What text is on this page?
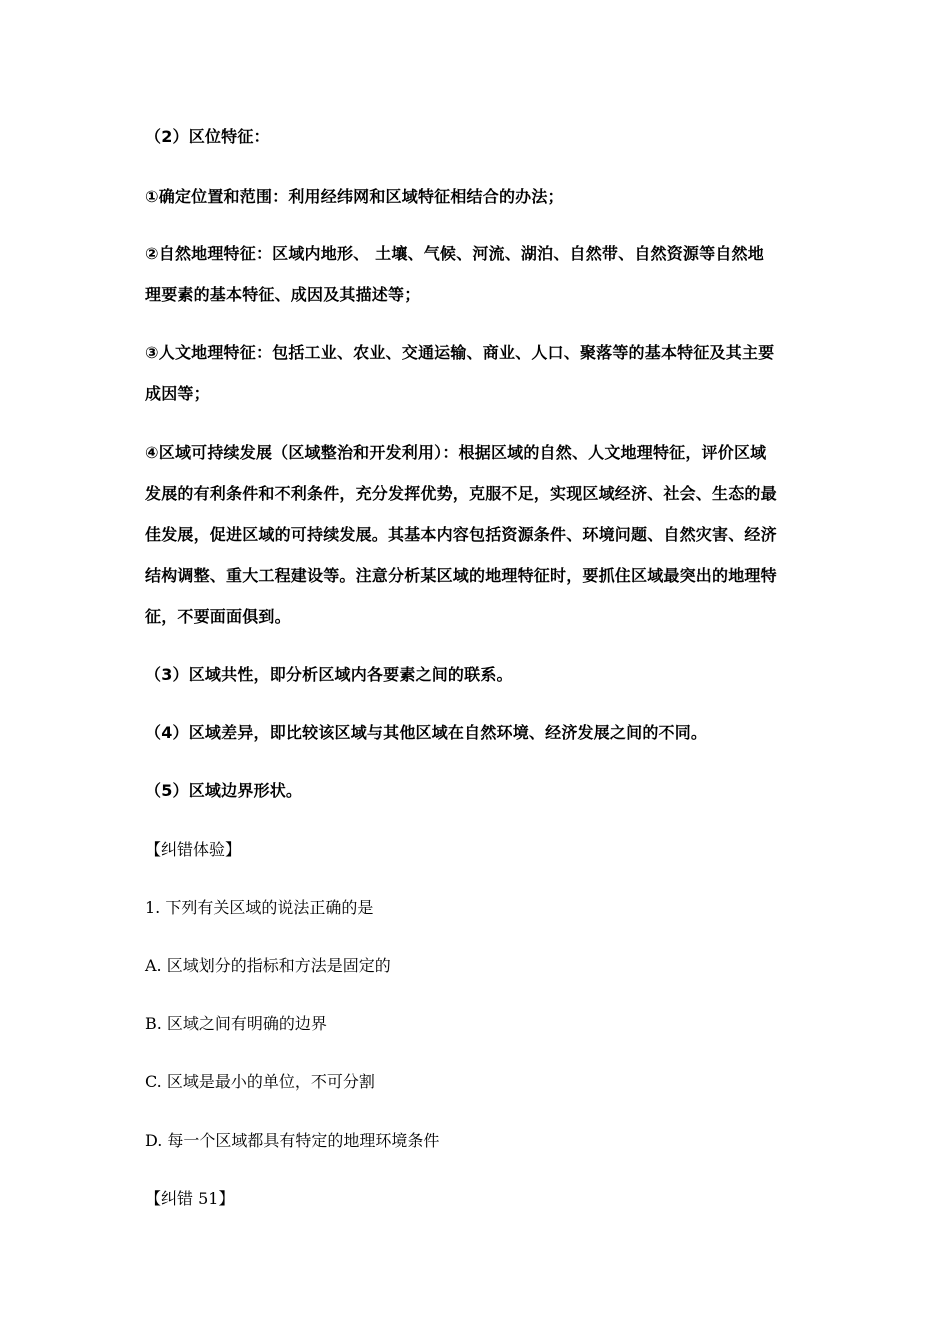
（2）区位特征：
①确定位置和范围：利用经纬网和区域特征相结合的办法；
②自然地理特征：区域内地形、 土壤、气候、河流、湖泊、自然带、自然资源等自然地
理要素的基本特征、成因及其描述等；
③人文地理特征：包括工业、农业、交通运输、商业、人口、聚落等的基本特征及其主要
成因等；
④区域可持续发展（区域整治和开发利用）：根据区域的自然、人文地理特征，评价区域
发展的有利条件和不利条件，充分发挥优势，克服不足，实现区域经济、社会、生态的最
佳发展，促进区域的可持续发展。其基本内容包括资源条件、环境问题、自然灾害、经济
结构调整、重大工程建设等。注意分析某区域的地理特征时，要抓住区域最突出的地理特
征，不要面面俱到。
（3）区域共性，即分析区域内各要素之间的联系。
（4）区域差异，即比较该区域与其他区域在自然环境、经济发展之间的不同。
（5）区域边界形状。
【纠错体验】
1. 下列有关区域的说法正确的是
A. 区域划分的指标和方法是固定的
B. 区域之间有明确的边界
C. 区域是最小的单位，不可分割
D. 每一个区域都具有特定的地理环境条件
【纠错 51】
